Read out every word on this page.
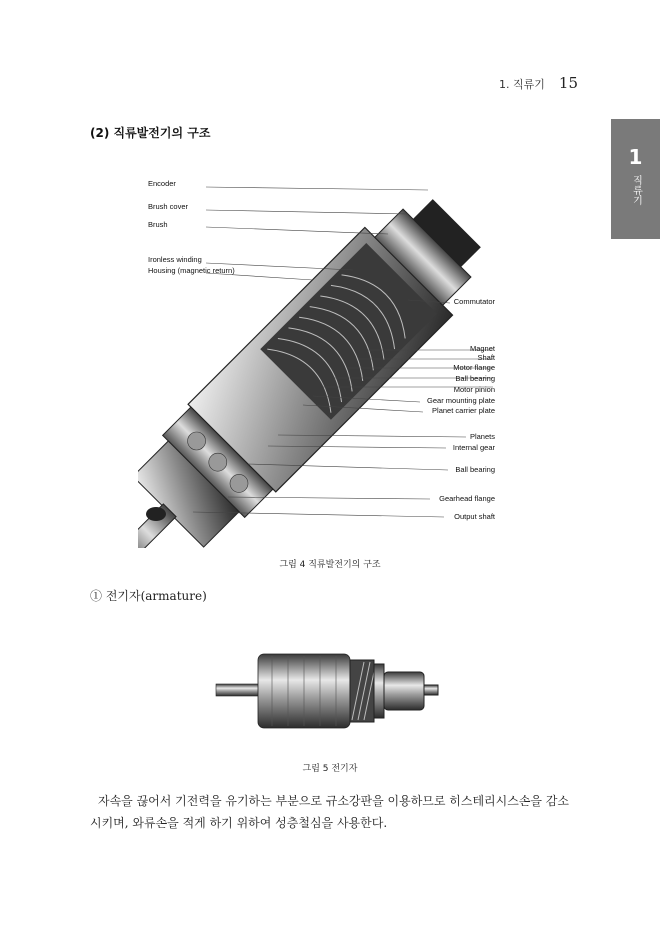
1. 직류기 15
1
직류기
(2) 직류발전기의 구조
Encoder
Brush cover
Brush
Ironless winding
Housing (magnetic return)
Commutator
Magnet
Shaft
Motor flange
Ball bearing
Motor pinion
Gear mounting plate
Planet carrier plate
Planets
Internal gear
Ball bearing
Gearhead flange
Output shaft
그림 4 직류발전기의 구조
① 전기자(armature)
그림 5 전기자
자속을 끊어서 기전력을 유기하는 부분으로 규소강판을 이용하므로 히스테리시스손을 감소시키며, 와류손을 적게 하기 위하여 성층철심을 사용한다.
